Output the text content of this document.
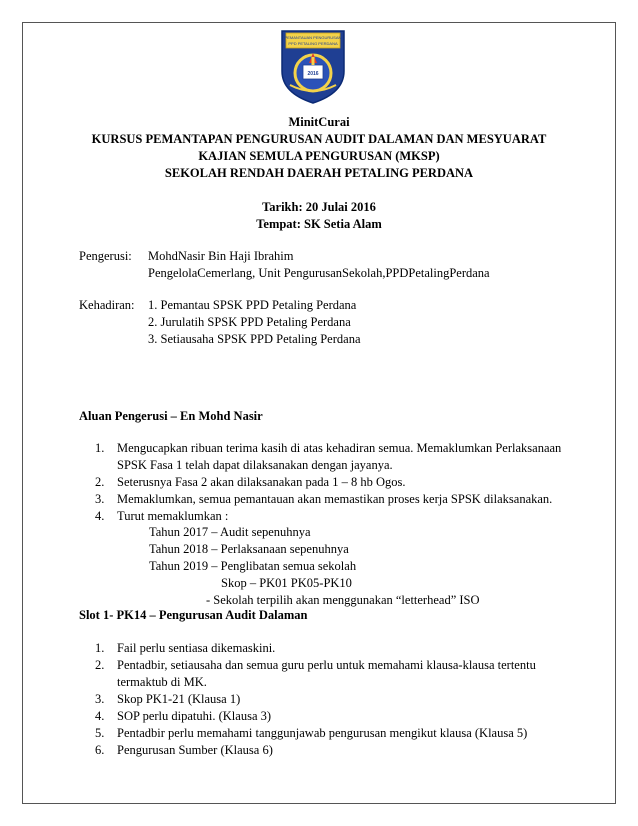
PEMANTAUAN PENGURUSAN
PPD PETALING PERDANA
2016
MinitCurai
KURSUS PEMANTAPAN PENGURUSAN AUDIT DALAMAN DAN MESYUARAT
KAJIAN SEMULA PENGURUSAN (MKSP)
SEKOLAH RENDAH DAERAH PETALING PERDANA
Tarikh: 20 Julai 2016
Tempat: SK Setia Alam
Pengerusi: MohdNasir Bin Haji Ibrahim
PengelolaCemerlang, Unit PengurusanSekolah,PPDPetalingPerdana
Kehadiran: 1. Pemantau SPSK PPD Petaling Perdana
2. Jurulatih SPSK PPD Petaling Perdana
3. Setiausaha SPSK PPD Petaling Perdana
Aluan Pengerusi – En Mohd Nasir
1. Mengucapkan ribuan terima kasih di atas kehadiran semua. Memaklumkan Perlaksanaan
SPSK Fasa 1 telah dapat dilaksanakan dengan jayanya.
2. Seterusnya Fasa 2 akan dilaksanakan pada 1 – 8 hb Ogos.
3. Memaklumkan, semua pemantauan akan memastikan proses kerja SPSK dilaksanakan.
4. Turut memaklumkan :
Tahun 2017 – Audit sepenuhnya
Tahun 2018 – Perlaksanaan sepenuhnya
Tahun 2019 – Penglibatan semua sekolah
Skop – PK01 PK05-PK10
- Sekolah terpilih akan menggunakan “letterhead” ISO
Slot 1- PK14 – Pengurusan Audit Dalaman
1. Fail perlu sentiasa dikemaskini.
2. Pentadbir, setiausaha dan semua guru perlu untuk memahami klausa-klausa tertentu
termaktub di MK.
3. Skop PK1-21 (Klausa 1)
4. SOP perlu dipatuhi. (Klausa 3)
5. Pentadbir perlu memahami tanggunjawab pengurusan mengikut klausa (Klausa 5)
6. Pengurusan Sumber (Klausa 6)
